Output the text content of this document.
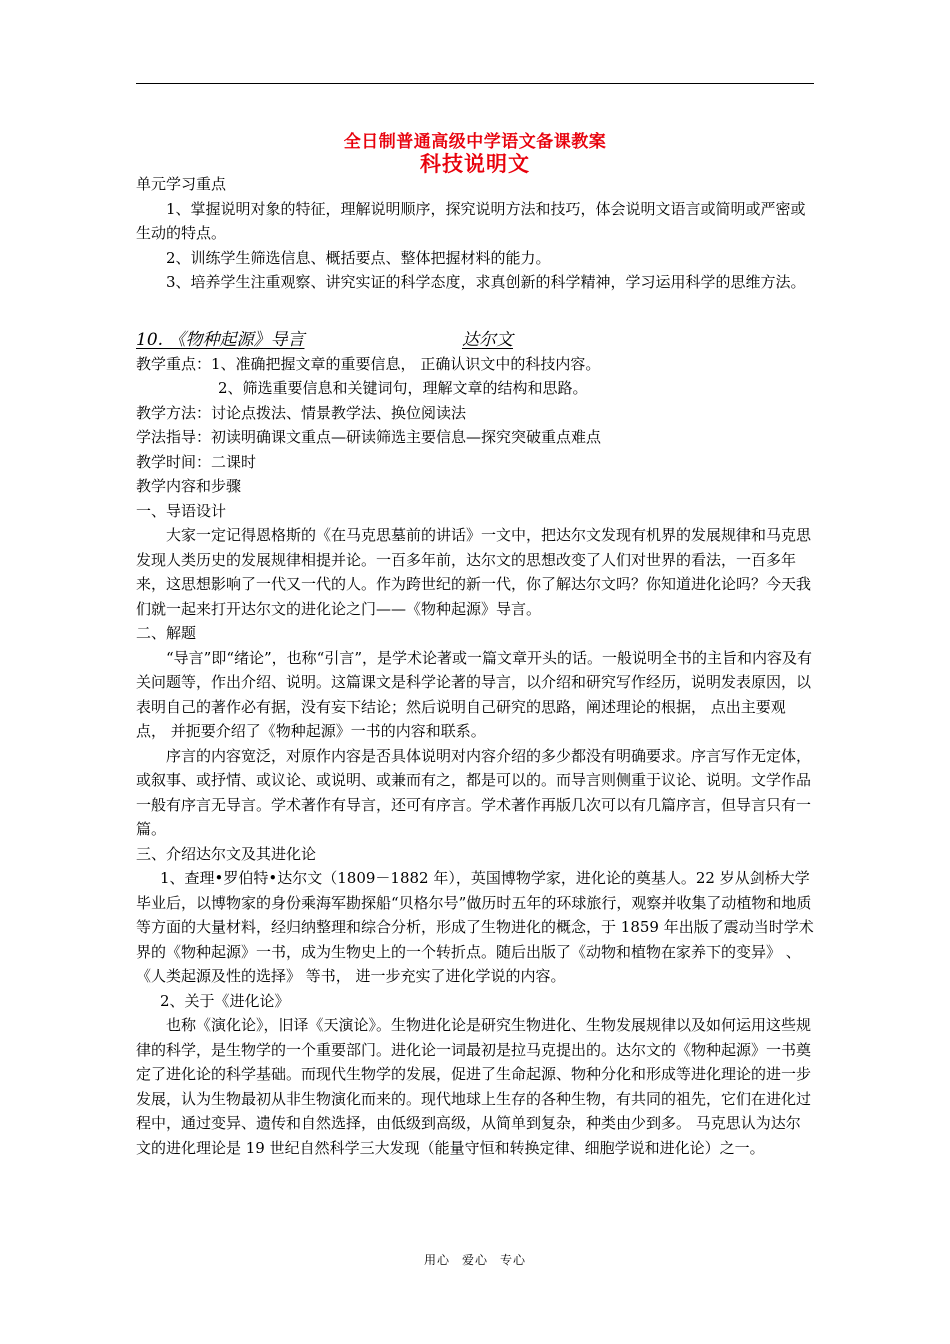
全日制普通高级中学语文备课教案
科技说明文

单元学习重点

1、掌握说明对象的特征，理解说明顺序，探究说明方法和技巧，体会说明文语言或简明或严密或生动的特点。

2、训练学生筛选信息、概括要点、整体把握材料的能力。

3、培养学生注重观察、讲究实证的科学态度，求真创新的科学精神，学习运用科学的思维方法。

10. 《物种起源》导言	达尔文

教学重点：1、准确把握文章的重要信息， 正确认识文中的科技内容。

2、筛选重要信息和关键词句，理解文章的结构和思路。

教学方法：讨论点拨法、情景教学法、换位阅读法

学法指导：初读明确课文重点—研读筛选主要信息—探究突破重点难点

教学时间：二课时

教学内容和步骤

一、导语设计

大家一定记得恩格斯的《在马克思墓前的讲话》一文中，把达尔文发现有机界的发展规律和马克思发现人类历史的发展规律相提并论。一百多年前，达尔文的思想改变了人们对世界的看法，一百多年来，这思想影响了一代又一代的人。作为跨世纪的新一代，你了解达尔文吗？你知道进化论吗？今天我们就一起来打开达尔文的进化论之门——《物种起源》导言。

二、解题

“导言”即“绪论”，也称“引言”，是学术论著或一篇文章开头的话。一般说明全书的主旨和内容及有关问题等，作出介绍、说明。这篇课文是科学论著的导言，以介绍和研究写作经历，说明发表原因，以表明自己的著作必有据，没有妄下结论；然后说明自己研究的思路，阐述理论的根据， 点出主要观点， 并扼要介绍了《物种起源》一书的内容和联系。

序言的内容宽泛，对原作内容是否具体说明对内容介绍的多少都没有明确要求。序言写作无定体，或叙事、或抒情、或议论、或说明、或兼而有之，都是可以的。而导言则侧重于议论、说明。文学作品一般有序言无导言。学术著作有导言，还可有序言。学术著作再版几次可以有几篇序言，但导言只有一篇。

三、介绍达尔文及其进化论

1、查理•罗伯特•达尔文（1809－1882 年），英国博物学家，进化论的奠基人。22 岁从剑桥大学毕业后，以博物家的身份乘海军勘探船“贝格尔号”做历时五年的环球旅行，观察并收集了动植物和地质等方面的大量材料，经归纳整理和综合分析，形成了生物进化的概念，于 1859 年出版了震动当时学术界的《物种起源》一书，成为生物史上的一个转折点。随后出版了《动物和植物在家养下的变异》 、《人类起源及性的选择》 等书， 进一步充实了进化学说的内容。

2、关于《进化论》

也称《演化论》，旧译《天演论》。生物进化论是研究生物进化、生物发展规律以及如何运用这些规律的科学，是生物学的一个重要部门。进化论一词最初是拉马克提出的。达尔文的《物种起源》一书奠定了进化论的科学基础。而现代生物学的发展，促进了生命起源、物种分化和形成等进化理论的进一步发展，认为生物最初从非生物演化而来的。现代地球上生存的各种生物，有共同的祖先，它们在进化过程中，通过变异、遗传和自然选择，由低级到高级，从简单到复杂，种类由少到多。 马克思认为达尔文的进化理论是 19 世纪自然科学三大发现（能量守恒和转换定律、细胞学说和进化论）之一。

用心 爱心 专心
